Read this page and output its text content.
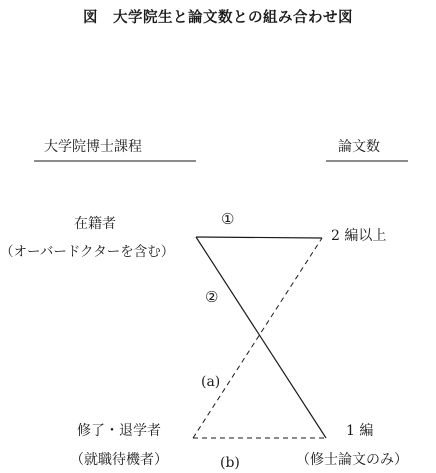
図　大学院生と論文数との組み合わせ図
大学院博士課程	論文数
在籍者
（オーバードクターを含む）
修了・退学者
（就職待機者）
2 編以上
1 編
（修士論文のみ）
①
②
(a)
(b)
